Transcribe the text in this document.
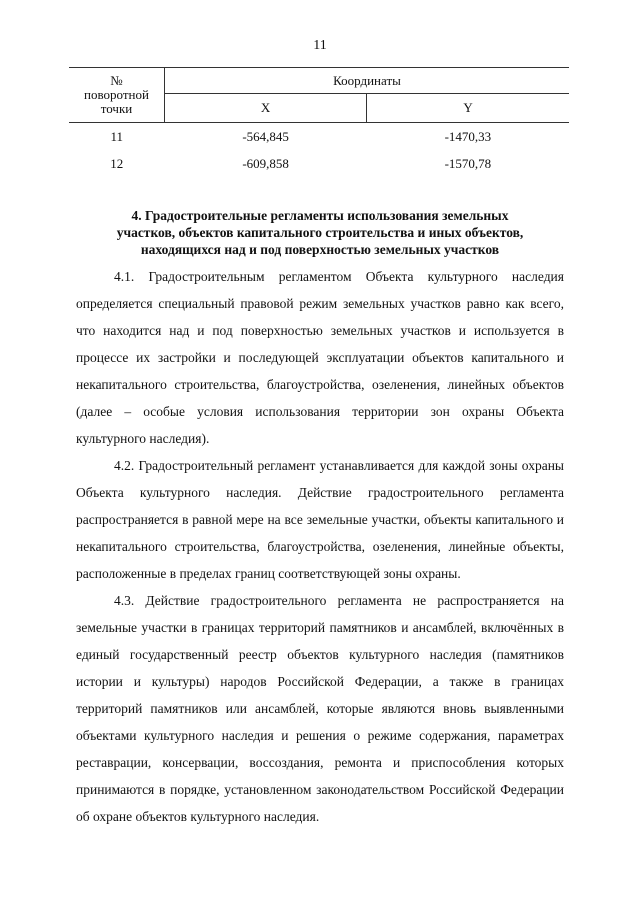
11
№
поворотной
точки	Координаты	
	X	Y
11	-564,845	-1470,33
12	-609,858	-1570,78
4. Градостроительные регламенты использования земельных
участков, объектов капитального строительства и иных объектов,
находящихся над и под поверхностью земельных участков

4.1. Градостроительным регламентом Объекта культурного наследия определяется специальный правовой режим земельных участков равно как всего, что находится над и под поверхностью земельных участков и используется в процессе их застройки и последующей эксплуатации объектов капитального и некапитального строительства, благоустройства, озеленения, линейных объектов (далее – особые условия использования территории зон охраны Объекта культурного наследия).

4.2. Градостроительный регламент устанавливается для каждой зоны охраны Объекта культурного наследия. Действие градостроительного регламента распространяется в равной мере на все земельные участки, объекты капитального и некапитального строительства, благоустройства, озеленения, линейные объекты, расположенные в пределах границ соответствующей зоны охраны.

4.3. Действие градостроительного регламента не распространяется на земельные участки в границах территорий памятников и ансамблей, включённых в единый государственный реестр объектов культурного наследия (памятников истории и культуры) народов Российской Федерации, а также в границах территорий памятников или ансамблей, которые являются вновь выявленными объектами культурного наследия и решения о режиме содержания, параметрах реставрации, консервации, воссоздания, ремонта и приспособления которых принимаются в порядке, установленном законодательством Российской Федерации об охране объектов культурного наследия.
